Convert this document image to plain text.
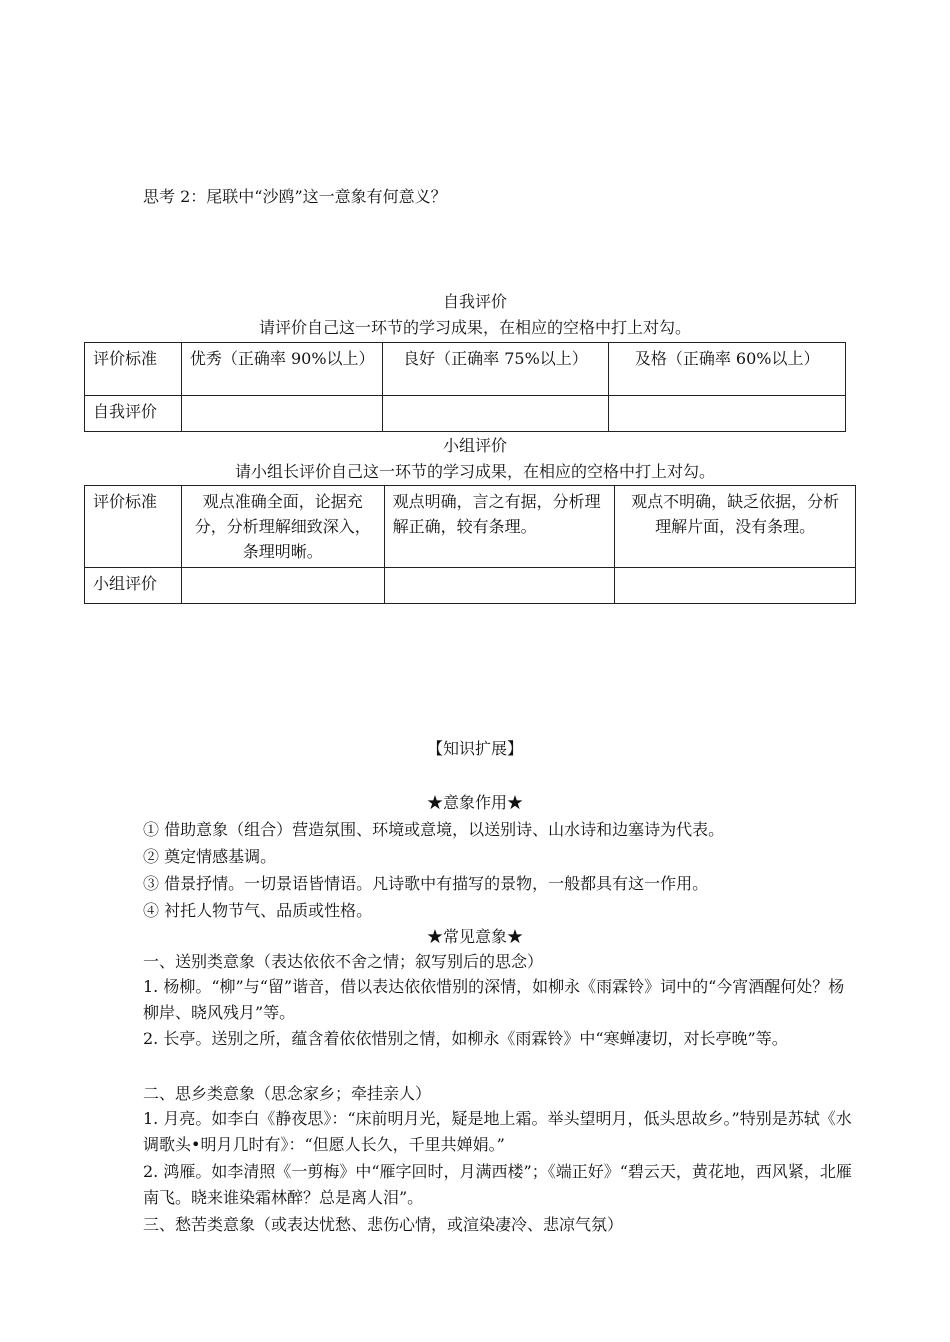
思考 2：尾联中“沙鸥”这一意象有何意义？
自我评价
请评价自己这一环节的学习成果，在相应的空格中打上对勾。
评价标准	优秀（正确率 90%以上）	良好（正确率 75%以上）	及格（正确率 60%以上）
自我评价			
小组评价
请小组长评价自己这一环节的学习成果，在相应的空格中打上对勾。
评价标准	观点准确全面，论据充分，分析理解细致深入，条理明晰。	观点明确，言之有据，分析理解正确，较有条理。	观点不明确，缺乏依据，分析理解片面，没有条理。
小组评价			
【知识扩展】
★意象作用★
① 借助意象（组合）营造氛围、环境或意境，以送别诗、山水诗和边塞诗为代表。
② 奠定情感基调。
③ 借景抒情。一切景语皆情语。凡诗歌中有描写的景物，一般都具有这一作用。
④ 衬托人物节气、品质或性格。
★常见意象★
一、送别类意象（表达依依不舍之情；叙写别后的思念）
1. 杨柳。“柳”与“留”谐音，借以表达依依惜别的深情，如柳永《雨霖铃》词中的“今宵酒醒何处？杨柳岸、晓风残月”等。
2. 长亭。送别之所，蕴含着依依惜别之情，如柳永《雨霖铃》中“寒蝉凄切，对长亭晚”等。
二、思乡类意象（思念家乡；牵挂亲人）
1. 月亮。如李白《静夜思》：“床前明月光，疑是地上霜。举头望明月，低头思故乡。”特别是苏轼《水调歌头•明月几时有》：“但愿人长久，千里共婵娟。”
2. 鸿雁。如李清照《一剪梅》中“雁字回时，月满西楼”；《端正好》“碧云天，黄花地，西风紧，北雁南飞。晓来谁染霜林醉？总是离人泪”。
三、愁苦类意象（或表达忧愁、悲伤心情，或渲染凄冷、悲凉气氛）
